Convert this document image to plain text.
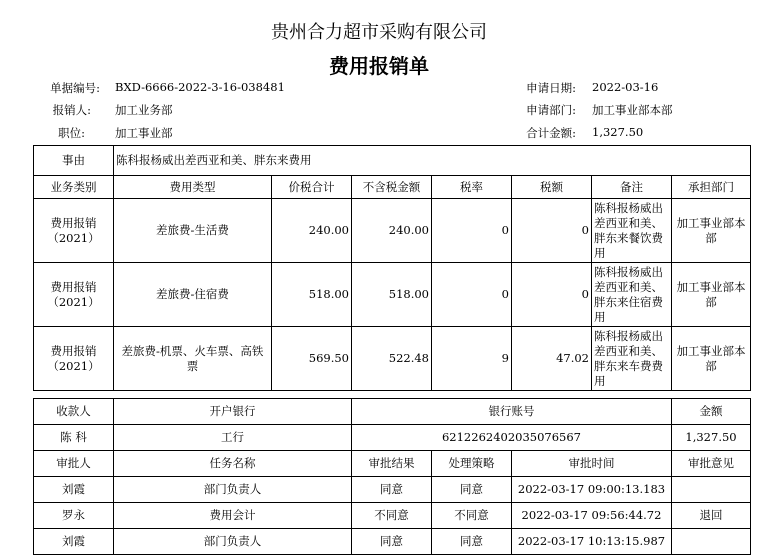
贵州合力超市采购有限公司
费用报销单
单据编号: BXD-6666-2022-3-16-038481
报销人: 加工业务部
职位:	加工事业部
申请日期: 2022-03-16
申请部门: 加工事业部本部
合计金额: 1,327.50
事由	陈科报杨威出差西亚和美、胖东来费用						
业务类别	费用类型	价税合计	不含税金额	税率	税额	备注	承担部门
费用报销（2021）	差旅费-生活费	240.00	240.00	0	0	陈科报杨威出差西亚和美、胖东来餐饮费用	加工事业部本部
费用报销（2021）	差旅费-住宿费	518.00	518.00	0	0	陈科报杨威出差西亚和美、胖东来住宿费用	加工事业部本部
费用报销（2021）	差旅费-机票、火车票、高铁票	569.50	522.48	9	47.02	陈科报杨威出差西亚和美、胖东来车费费用	加工事业部本部
收款人	开户银行	银行账号			金额
陈 科	工行	6212262402035076567			1,327.50
审批人	任务名称	审批结果	处理策略	审批时间	审批意见
刘霞	部门负责人	同意	同意	2022-03-17 09:00:13.183	
罗永	费用会计	不同意	不同意	2022-03-17 09:56:44.72	退回
刘霞	部门负责人	同意	同意	2022-03-17 10:13:15.987	
